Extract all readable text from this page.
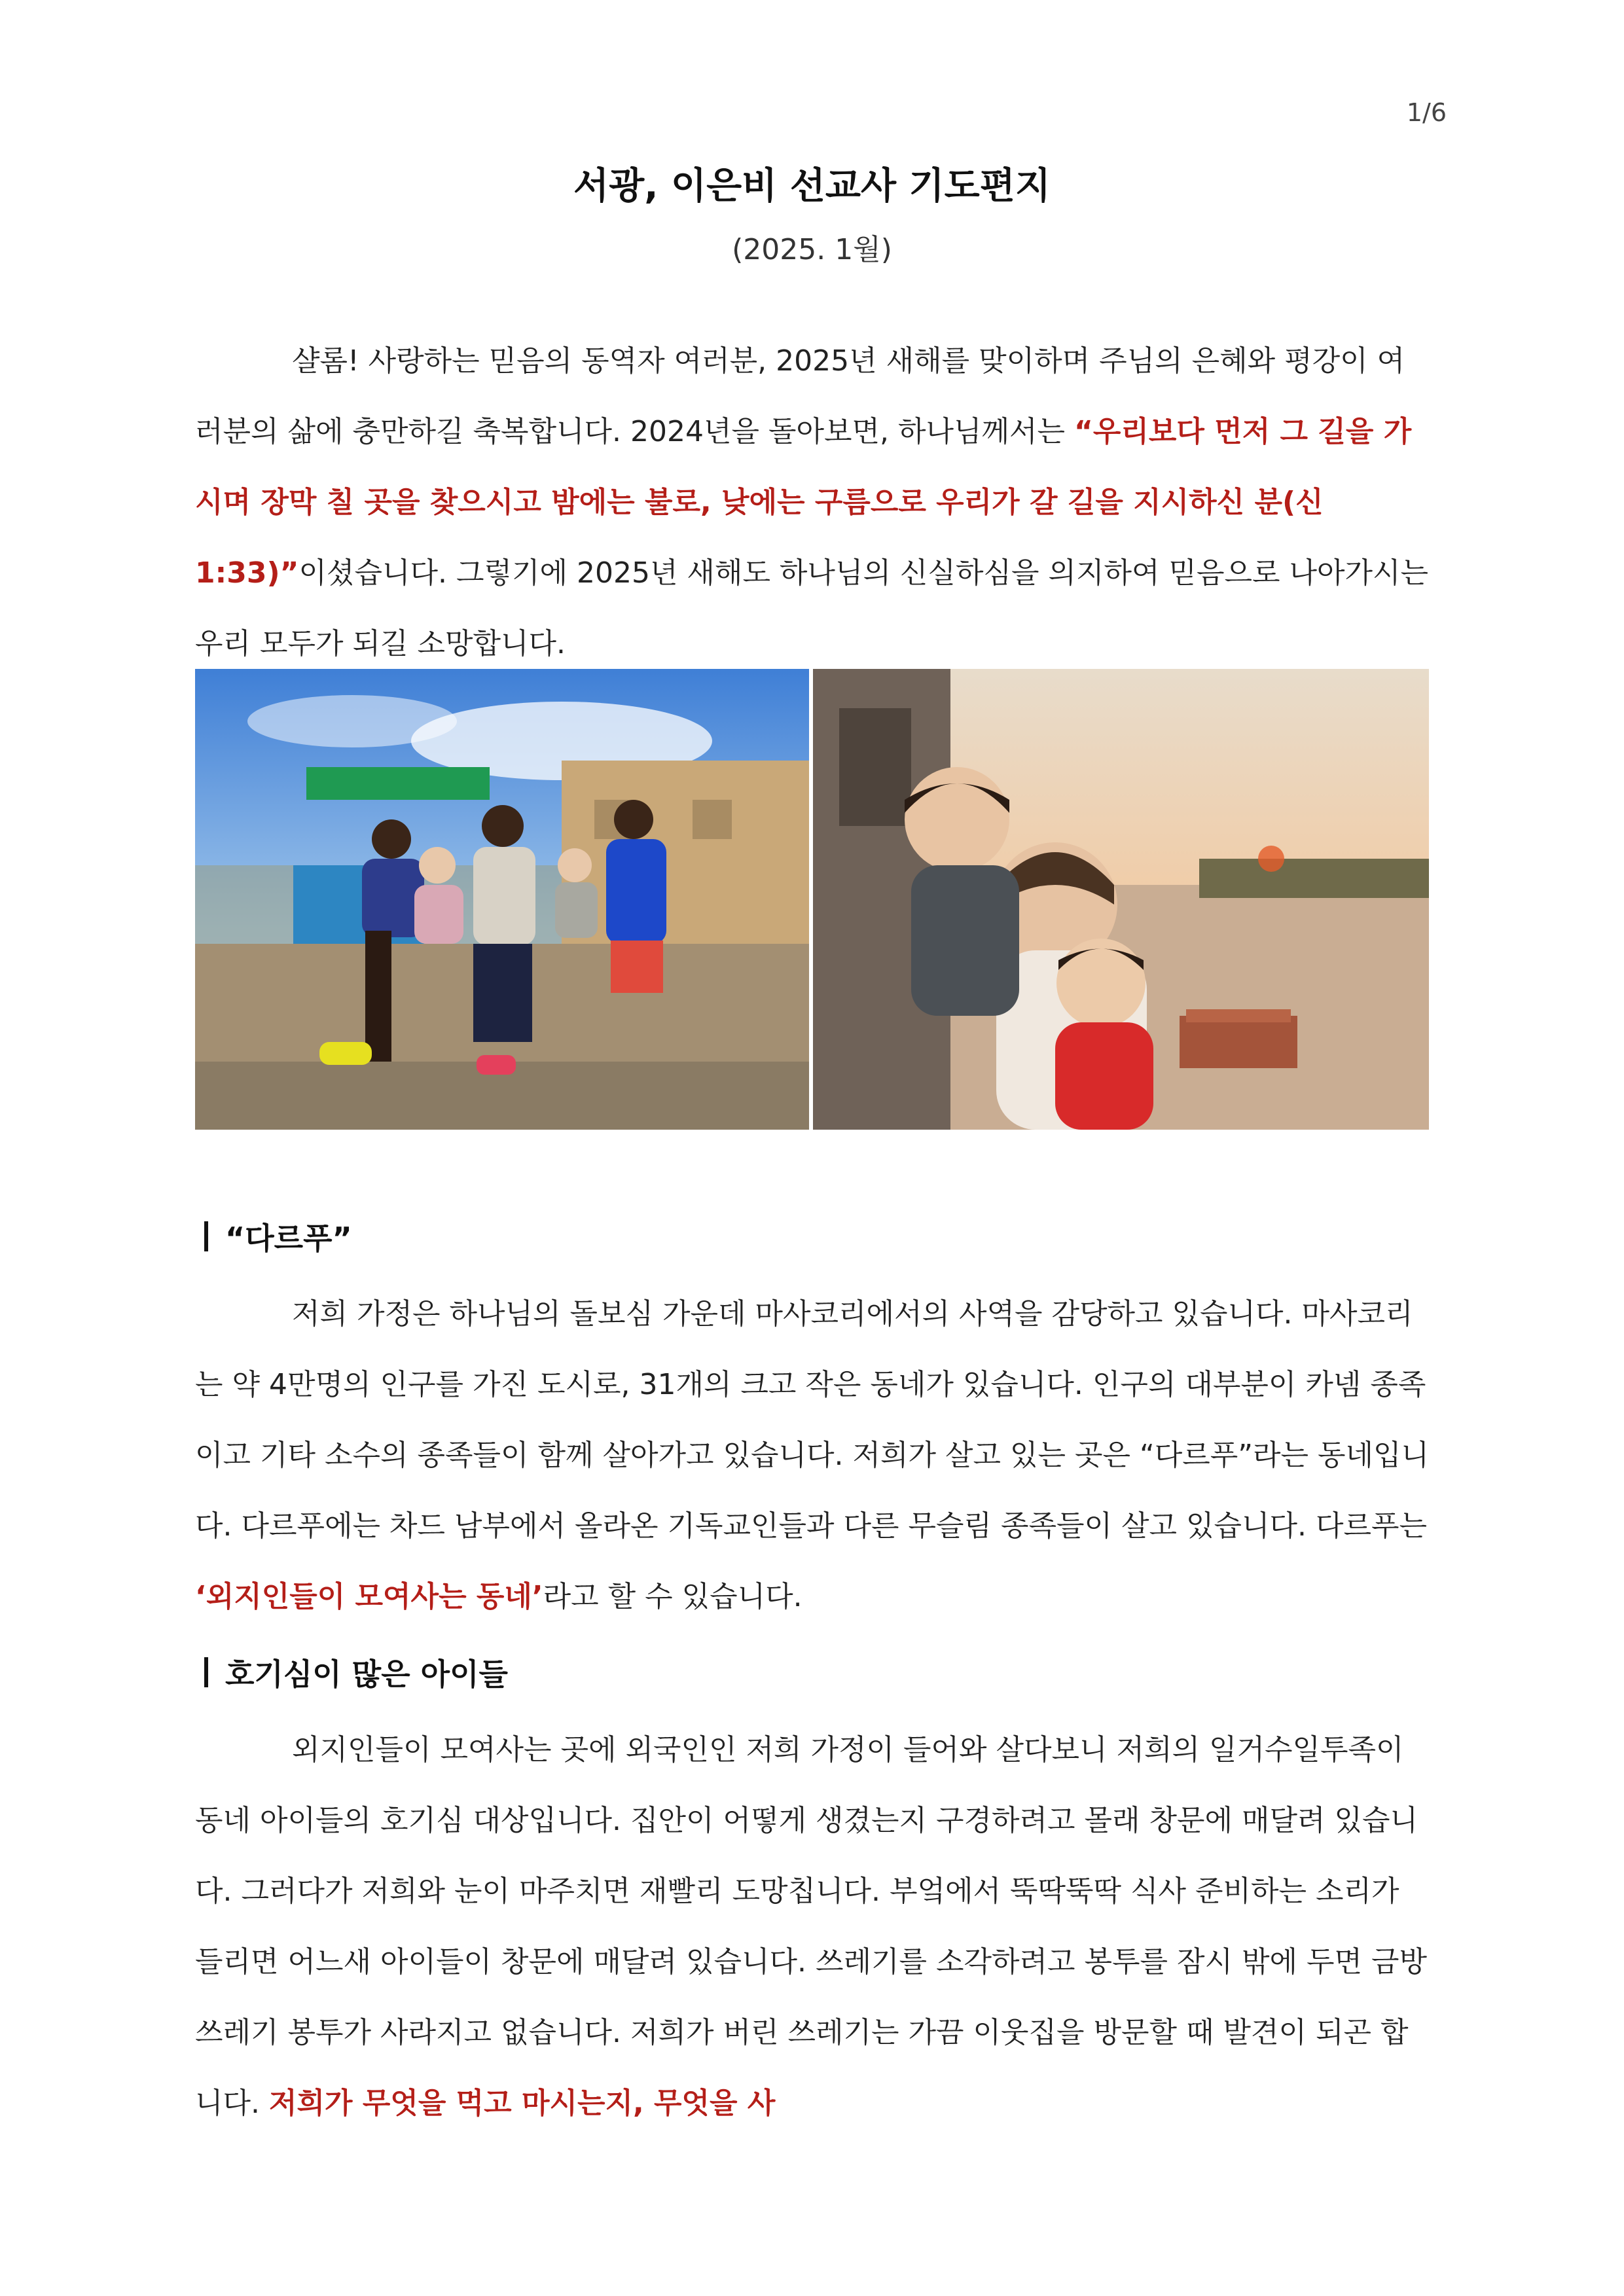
1/6
서광, 이은비 선교사 기도편지
(2025. 1월)

샬롬! 사랑하는 믿음의 동역자 여러분, 2025년 새해를 맞이하며 주님의 은혜와 평강이 여러분의 삶에 충만하길 축복합니다. 2024년을 돌아보면, 하나님께서는 “우리보다 먼저 그 길을 가시며 장막 칠 곳을 찾으시고 밤에는 불로, 낮에는 구름으로 우리가 갈 길을 지시하신 분(신1:33)”이셨습니다. 그렇기에 2025년 새해도 하나님의 신실하심을 의지하여 믿음으로 나아가시는 우리 모두가 되길 소망합니다.

“다르푸”

저희 가정은 하나님의 돌보심 가운데 마사코리에서의 사역을 감당하고 있습니다. 마사코리는 약 4만명의 인구를 가진 도시로, 31개의 크고 작은 동네가 있습니다. 인구의 대부분이 카넴 종족이고 기타 소수의 종족들이 함께 살아가고 있습니다. 저희가 살고 있는 곳은 “다르푸”라는 동네입니다. 다르푸에는 차드 남부에서 올라온 기독교인들과 다른 무슬림 종족들이 살고 있습니다. 다르푸는 ‘외지인들이 모여사는 동네’라고 할 수 있습니다.

호기심이 많은 아이들

외지인들이 모여사는 곳에 외국인인 저희 가정이 들어와 살다보니 저희의 일거수일투족이 동네 아이들의 호기심 대상입니다. 집안이 어떻게 생겼는지 구경하려고 몰래 창문에 매달려 있습니다. 그러다가 저희와 눈이 마주치면 재빨리 도망칩니다. 부엌에서 뚝딱뚝딱 식사 준비하는 소리가 들리면 어느새 아이들이 창문에 매달려 있습니다. 쓰레기를 소각하려고 봉투를 잠시 밖에 두면 금방 쓰레기 봉투가 사라지고 없습니다. 저희가 버린 쓰레기는 가끔 이웃집을 방문할 때 발견이 되곤 합니다. 저희가 무엇을 먹고 마시는지, 무엇을 사
